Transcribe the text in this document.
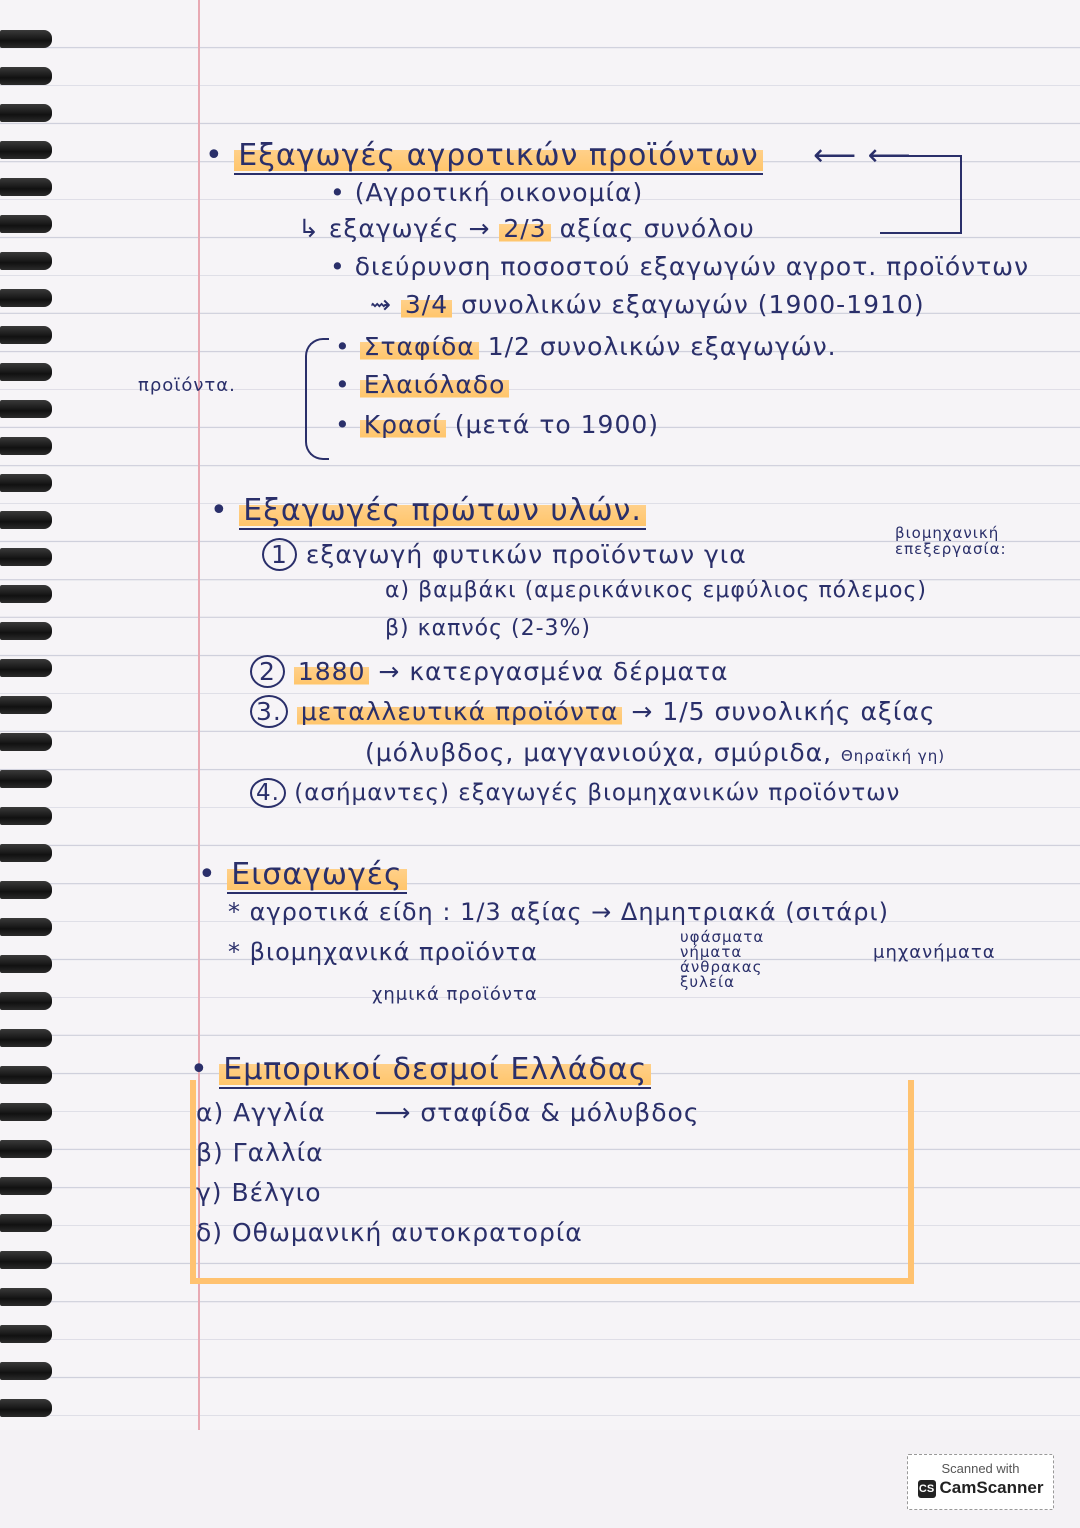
• Εξαγωγές αγροτικών προϊόντων ⟵ ⟵
• (Αγροτική οικονομία)
↳ εξαγωγές → 2/3 αξίας συνόλου
• διεύρυνση ποσοστού εξαγωγών αγροτ. προϊόντων
⇝ 3/4 συνολικών εξαγωγών (1900-1910)
προϊόντα.
• Σταφίδα 1/2 συνολικών εξαγωγών.
• Ελαιόλαδο
• Κρασί (μετά το 1900)
• Εξαγωγές πρώτων υλών.
βιομηχανική επεξεργασία:
1 εξαγωγή φυτικών προϊόντων για
α) βαμβάκι (αμερικάνικος εμφύλιος πόλεμος)
β) καπνός (2-3%)
2 1880 → κατεργασμένα δέρματα
3. μεταλλευτικά προϊόντα → 1/5 συνολικής αξίας
(μόλυβδος, μαγγανιούχα, σμύριδα, Θηραϊκή γη)
4. (ασήμαντες) εξαγωγές βιομηχανικών προϊόντων
• Εισαγωγές
* αγροτικά είδη : 1/3 αξίας → Δημητριακά (σιτάρι)
* βιομηχανικά προϊόντα
υφάσματα
νήματα
άνθρακας
ξυλεία
μηχανήματα
χημικά προϊόντα
• Εμπορικοί δεσμοί Ελλάδας
α) Αγγλία ⟶ σταφίδα & μόλυβδος
β) Γαλλία
γ) Βέλγιο
δ) Οθωμανική αυτοκρατορία
Scanned with
CS CamScanner
